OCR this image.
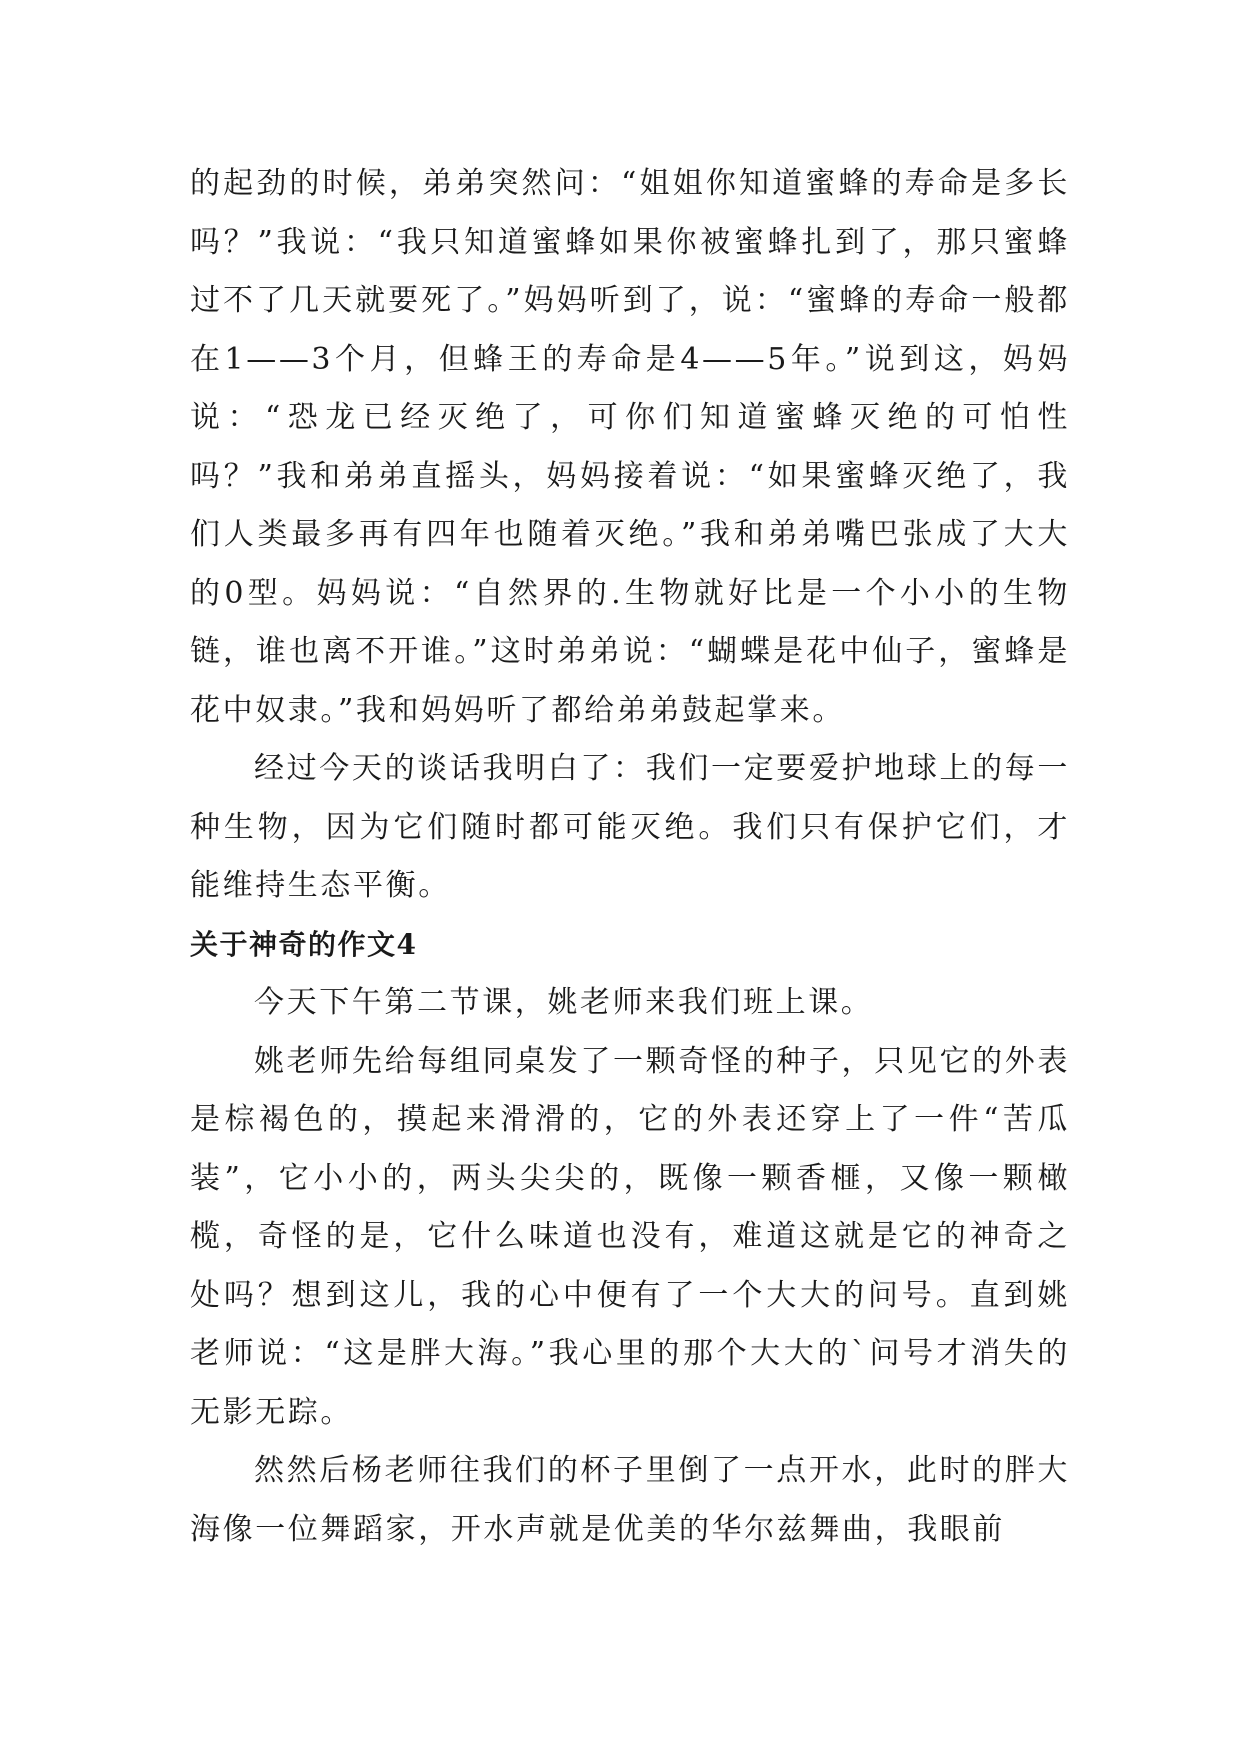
的起劲的时候，弟弟突然问：“姐姐你知道蜜蜂的寿命是多长吗？”我说：“我只知道蜜蜂如果你被蜜蜂扎到了，那只蜜蜂过不了几天就要死了。”妈妈听到了，说：“蜜蜂的寿命一般都在1——3个月，但蜂王的寿命是4——5年。”说到这，妈妈说：“恐龙已经灭绝了，可你们知道蜜蜂灭绝的可怕性吗？”我和弟弟直摇头，妈妈接着说：“如果蜜蜂灭绝了，我们人类最多再有四年也随着灭绝。”我和弟弟嘴巴张成了大大的0型。妈妈说：“自然界的.生物就好比是一个小小的生物链，谁也离不开谁。”这时弟弟说：“蝴蝶是花中仙子，蜜蜂是花中奴隶。”我和妈妈听了都给弟弟鼓起掌来。

经过今天的谈话我明白了：我们一定要爱护地球上的每一种生物，因为它们随时都可能灭绝。我们只有保护它们，才能维持生态平衡。

关于神奇的作文4

今天下午第二节课，姚老师来我们班上课。

姚老师先给每组同桌发了一颗奇怪的种子，只见它的外表是棕褐色的，摸起来滑滑的，它的外表还穿上了一件“苦瓜装”，它小小的，两头尖尖的，既像一颗香榧，又像一颗橄榄，奇怪的是，它什么味道也没有，难道这就是它的神奇之处吗？想到这儿，我的心中便有了一个大大的问号。直到姚老师说：“这是胖大海。”我心里的那个大大的`问号才消失的无影无踪。

然然后杨老师往我们的杯子里倒了一点开水，此时的胖大海像一位舞蹈家，开水声就是优美的华尔兹舞曲，我眼前
